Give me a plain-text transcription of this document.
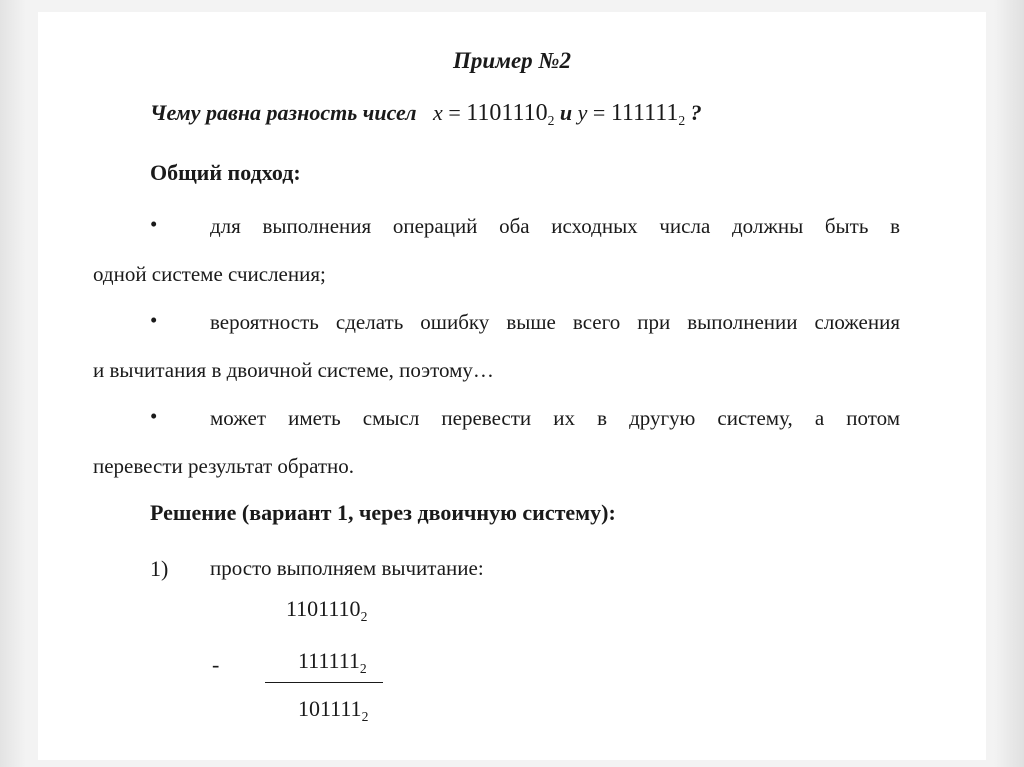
Пример №2
Чему равна разность чисел $x = 1101110_2$ и $y = 111111_2$ ?
Общий подход:
•	для выполнения операций оба исходных числа должны быть в
одной системе счисления;
•	вероятность сделать ошибку выше всего при выполнении сложения
и вычитания в двоичной системе, поэтому…
•	может иметь смысл перевести их в другую систему, а потом
перевести результат обратно.
Решение (вариант 1, через двоичную систему):
1) просто выполняем вычитание:
$1101110_2$
-	$111111_2$
$101111_2$
